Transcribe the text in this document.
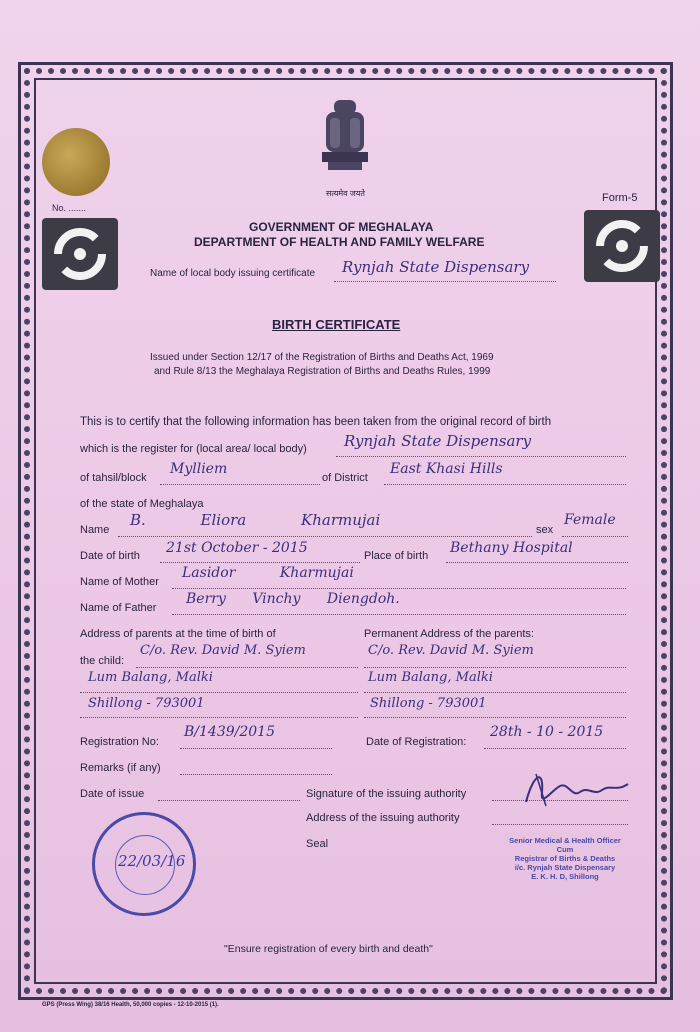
No. .......
Form-5
सत्यमेव जयते
GOVERNMENT OF MEGHALAYA
DEPARTMENT OF HEALTH AND FAMILY WELFARE
Name of local body issuing certificate Rynjah State Dispensary
BIRTH CERTIFICATE
Issued under Section 12/17 of the Registration of Births and Deaths Act, 1969
and Rule 8/13 the Meghalaya Registration of Births and Deaths Rules, 1999
This is to certify that the following information has been taken from the original record of birth
which is the register for (local area/ local body) Rynjah State Dispensary
of tahsil/block
Mylliem
of District
East Khasi Hills
of the state of Meghalaya
Name
B. Eliora Kharmujai
sex
Female
Date of birth 21st October - 2015	Place of birth Bethany Hospital
Name of Mother
Lasidor Kharmujai
Name of Father
Berry Vinchy Diengdoh.
Address of parents at the time of birth of	Permanent Address of the parents:
the child:
C/o. Rev. David M. Syiem	C/o. Rev. David M. Syiem
Lum Balang, Malki	Lum Balang, Malki
Shillong - 793001	Shillong - 793001
Registration No:
B/1439/2015
Date of Registration:
28th - 10 - 2015
Remarks (if any)
Date of issue	Signature of the issuing authority
Address of the issuing authority
Seal	Senior Medical & Health Officer
Cum
Registrar of Births & Deaths
i/c. Rynjah State Dispensary
E. K. H. D, Shillong
22/03/16
"Ensure registration of every birth and death"
GPS (Press Wing) 38/16 Health, 50,000 copies - 12-10-2015 (1).
